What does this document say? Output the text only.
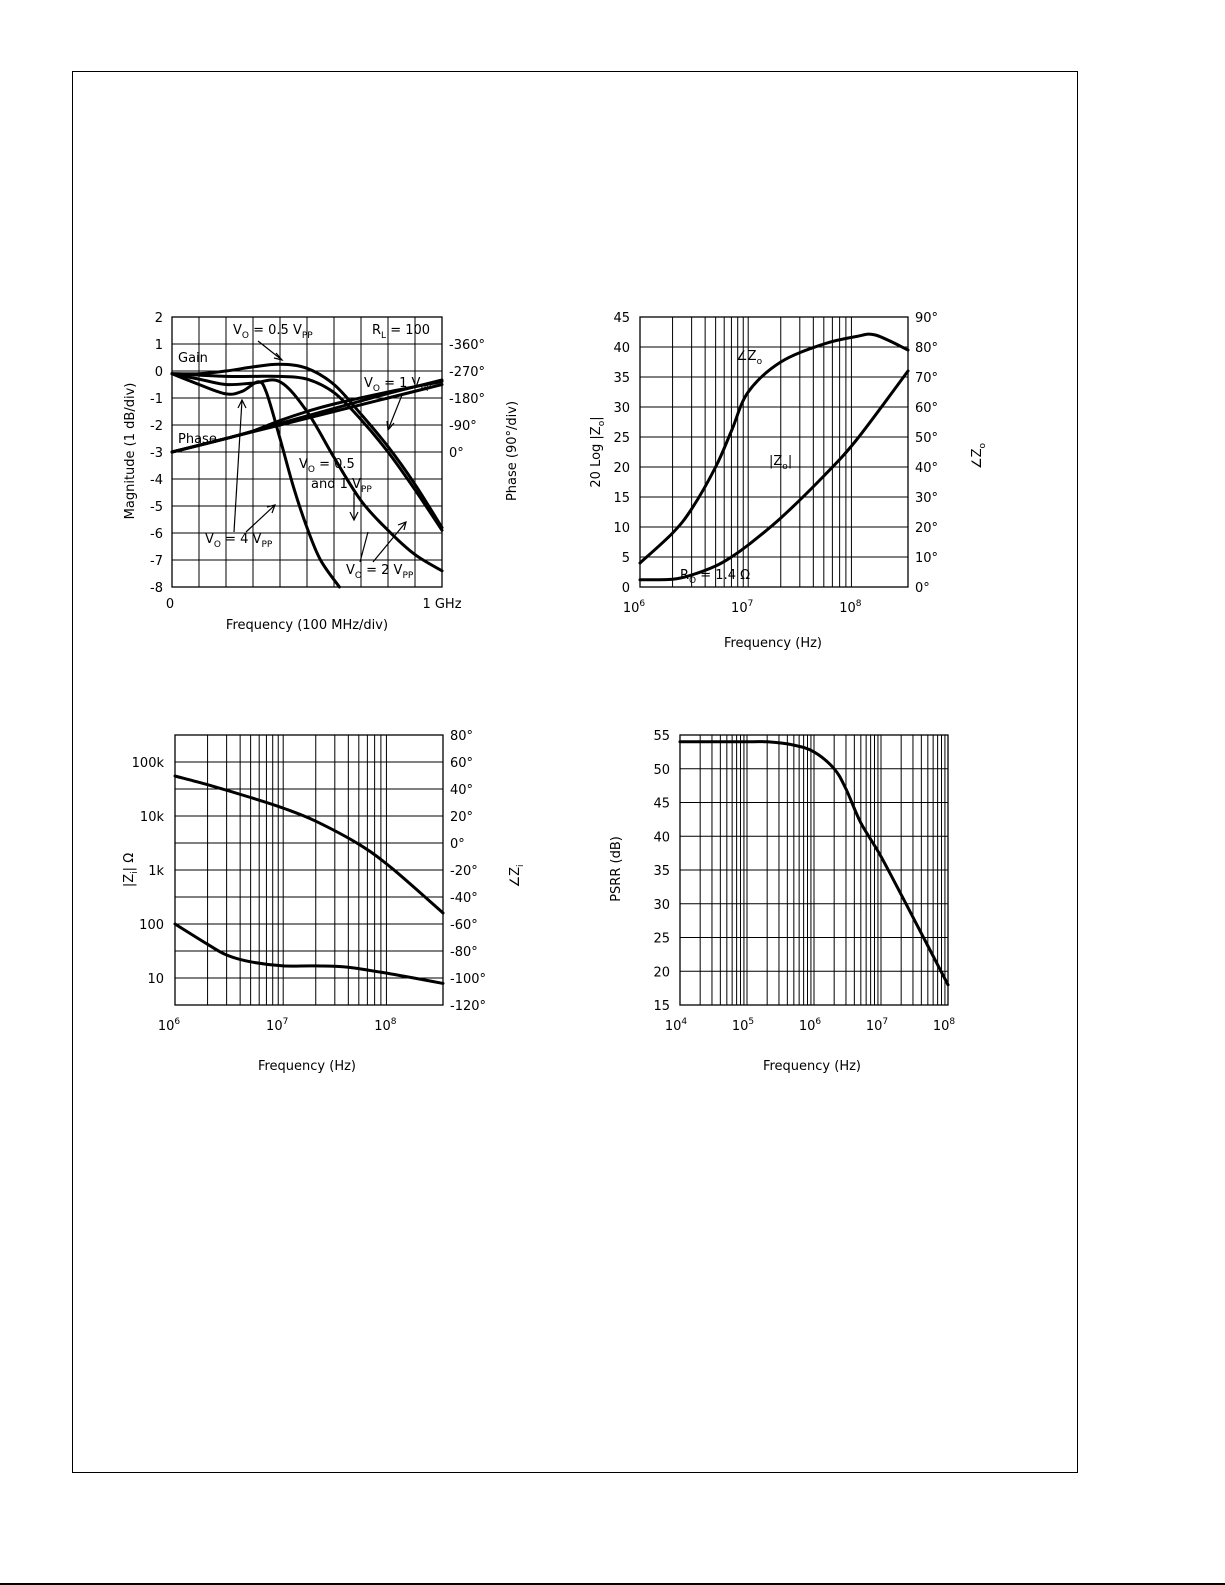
2
1
0
-1
-2
-3
-4
-5
-6
-7
-8
0°
-90°
-180°
-270°
-360°
0	1 GHz
$V_O = 0.5$ $V_{PP}$	$R_L = 100$
Gain
Phase
$V_O = 1$ $V_{PP}$
$V_O = 0.5$
and 1 $V_{PP}$
$V_O = 4$ $V_{PP}$
$V_O = 2$ $V_{PP}$
Frequency (100 MHz/div)
Magnitude (1 dB/div)	Phase (90°/div)
45
40
35
30
25
20
15
10
5
0
90°
80°
70°
60°
50°
40°
30°
20°
10°
0°
$10^6$	$10^7$	$10^8$
$\angle Z_o$
$|Z_o|$
$R_O = 1.4$ Ω
Frequency (Hz)
20 Log $|Z_o|$
$\angle Z_o$
100k
10k
1k
100
10
80°
60°
40°
20°
0°
-20°
-40°
-60°
-80°
-100°
-120°
$10^6$	$10^7$	$10^8$
Frequency (Hz)
$|Z_i|$ Ω
$\angle Z_i$
55
50
45
40
35
30
25
20
15
$10^4$	$10^5$	$10^6$	$10^7$	$10^8$
Frequency (Hz)
PSRR (dB)
